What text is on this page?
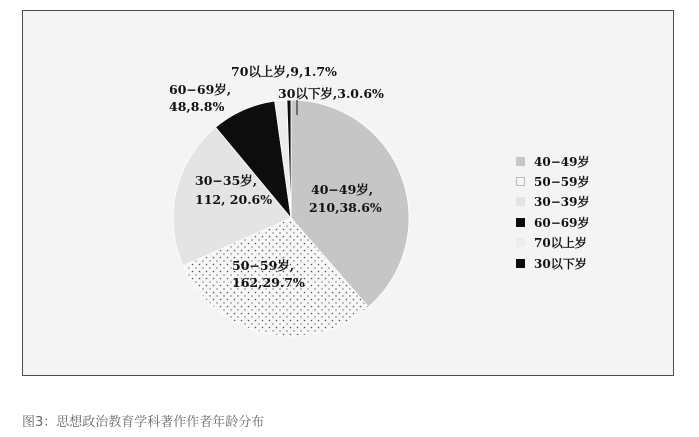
40−49岁,
210,38.6%
50−59岁,
162,29.7%
30−35岁,
112, 20.6%
60−69岁,
48,8.8%
70以上岁,9,1.7%
30以下岁,3.0.6%
40−49岁
50−59岁
30−39岁
60−69岁
70以上岁
30以下岁
图3：思想政治教育学科著作作者年龄分布
